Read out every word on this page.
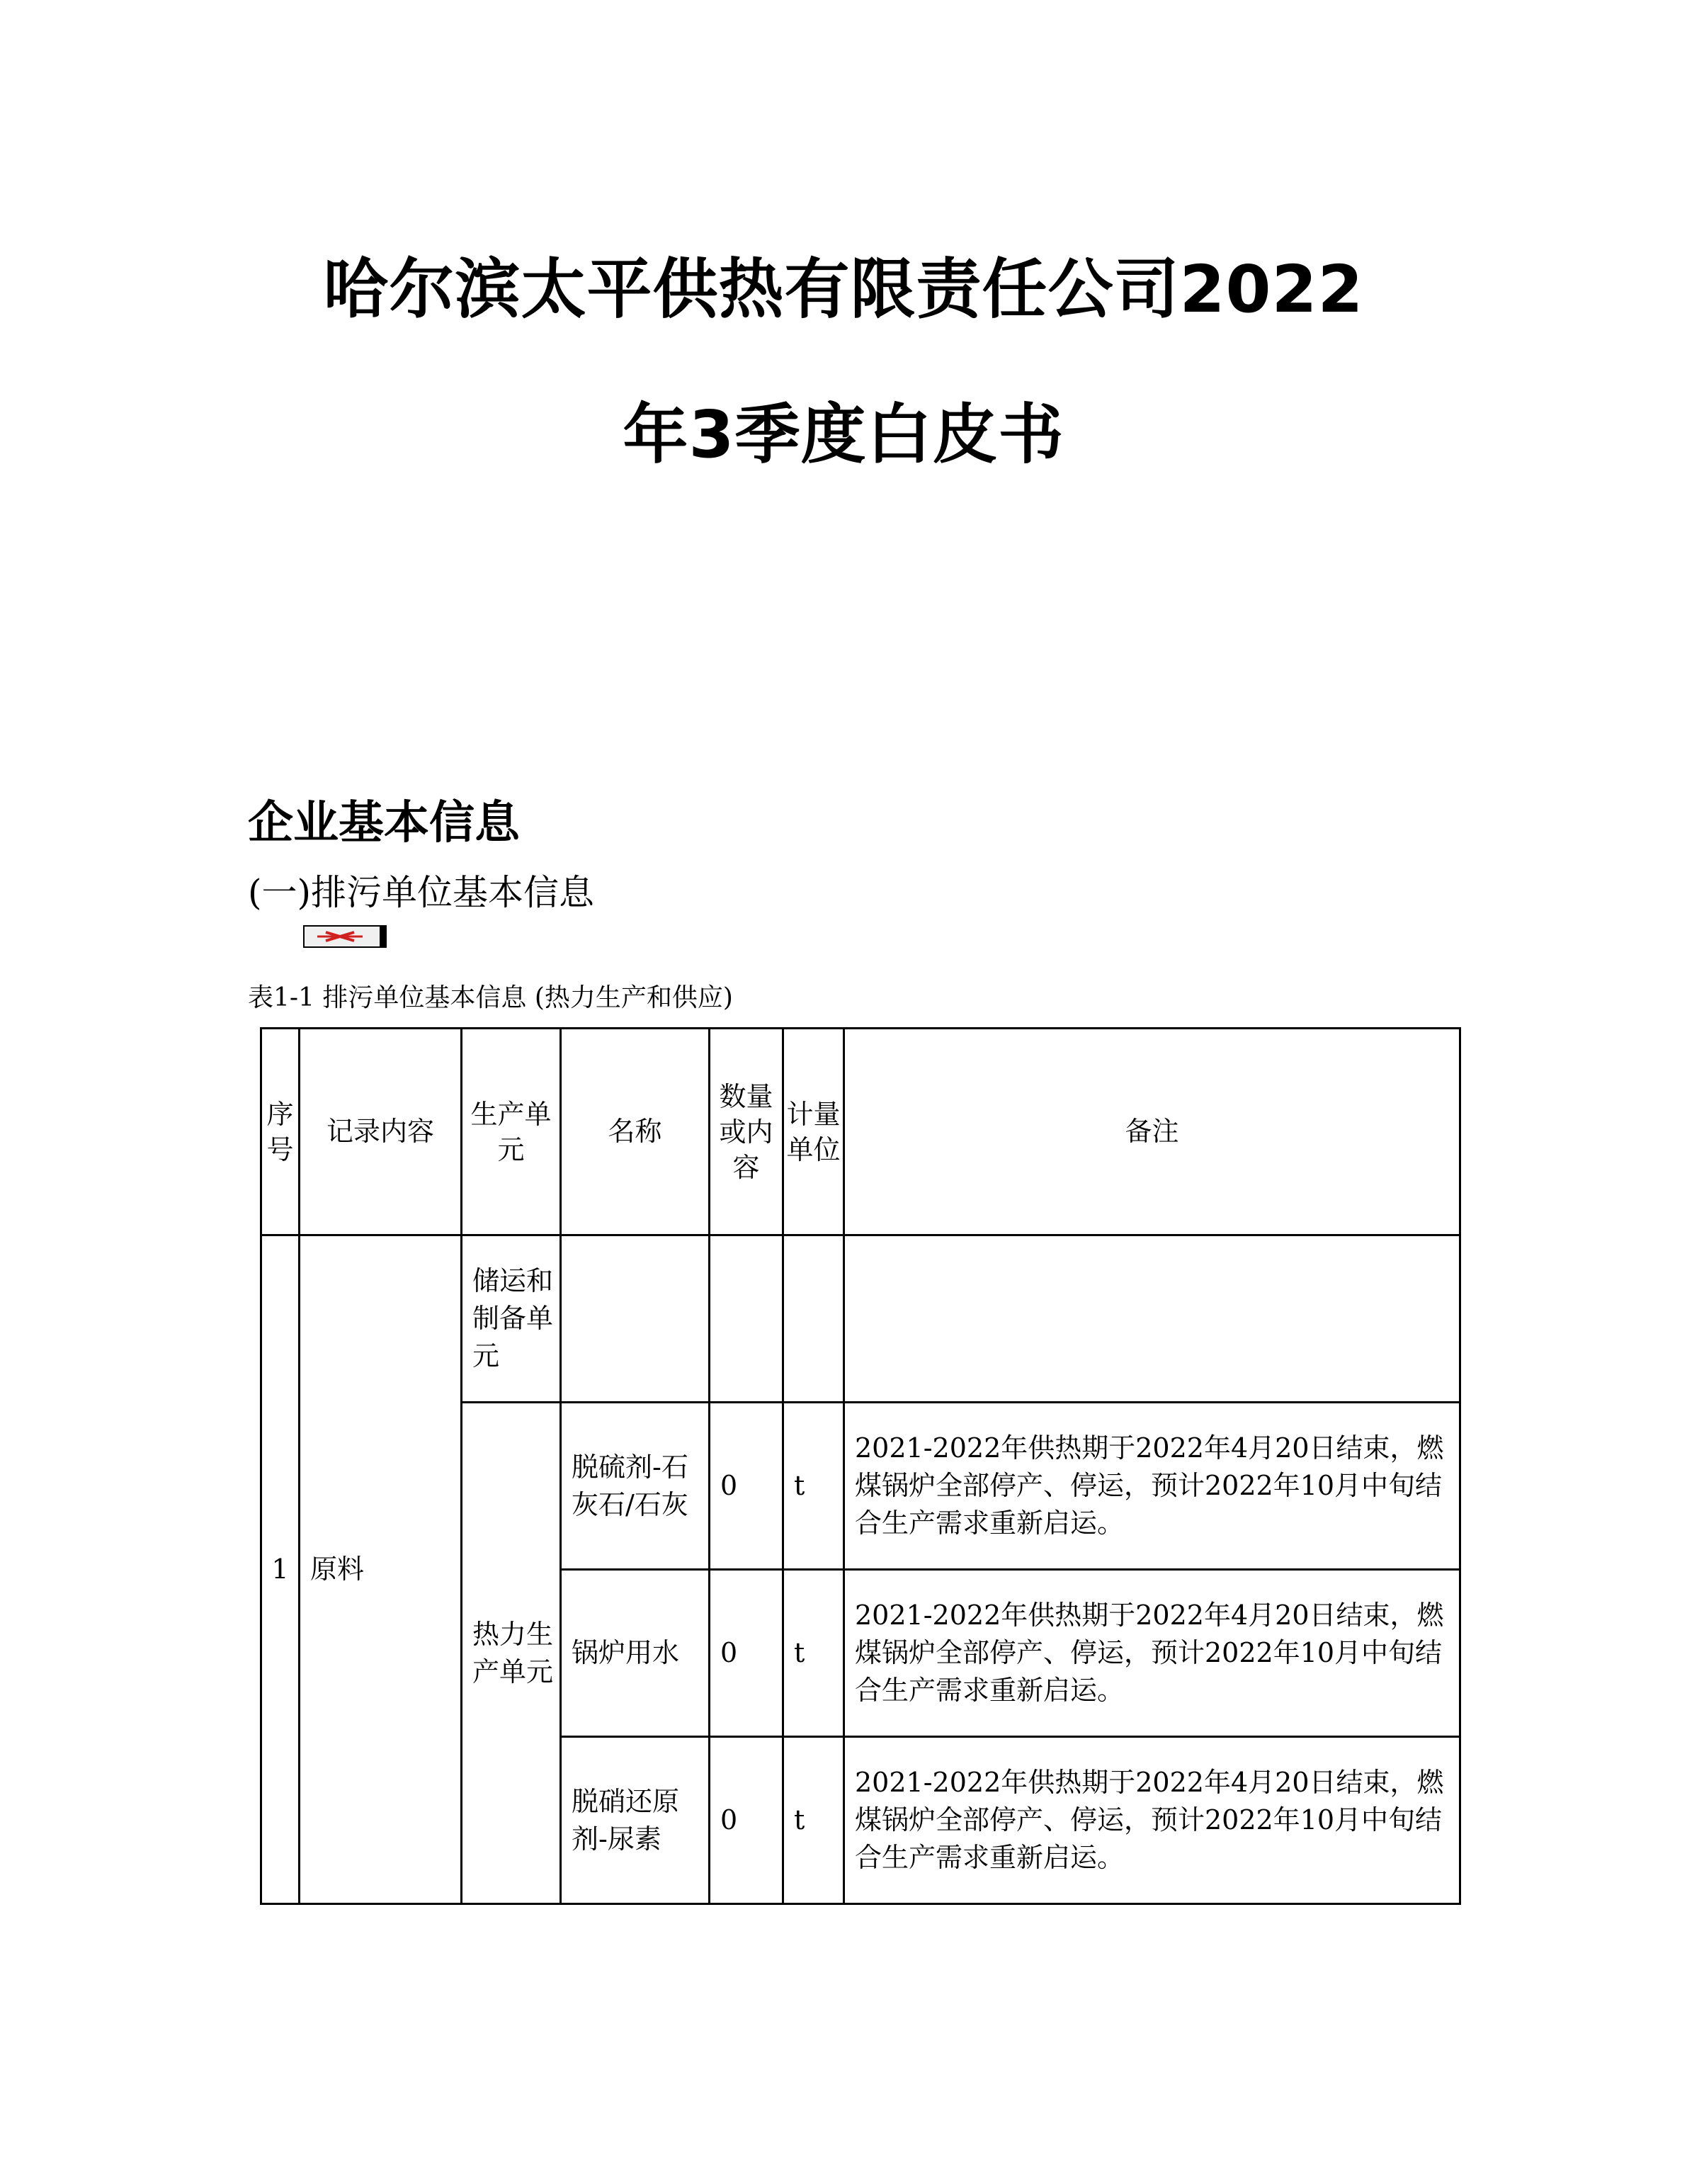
哈尔滨太平供热有限责任公司2022
年3季度白皮书
企业基本信息
(一)排污单位基本信息
表1-1 排污单位基本信息 (热力生产和供应)
序号	记录内容	生产单元	名称	数量或内容	计量单位	备注
1	原料	储运和制备单元				
		热力生产单元	脱硫剂-石灰石/石灰	0	t	2021-2022年供热期于2022年4月20日结束，燃煤锅炉全部停产、停运，预计2022年10月中旬结合生产需求重新启运。
			锅炉用水	0	t	2021-2022年供热期于2022年4月20日结束，燃煤锅炉全部停产、停运，预计2022年10月中旬结合生产需求重新启运。
			脱硝还原剂-尿素	0	t	2021-2022年供热期于2022年4月20日结束，燃煤锅炉全部停产、停运，预计2022年10月中旬结合生产需求重新启运。
